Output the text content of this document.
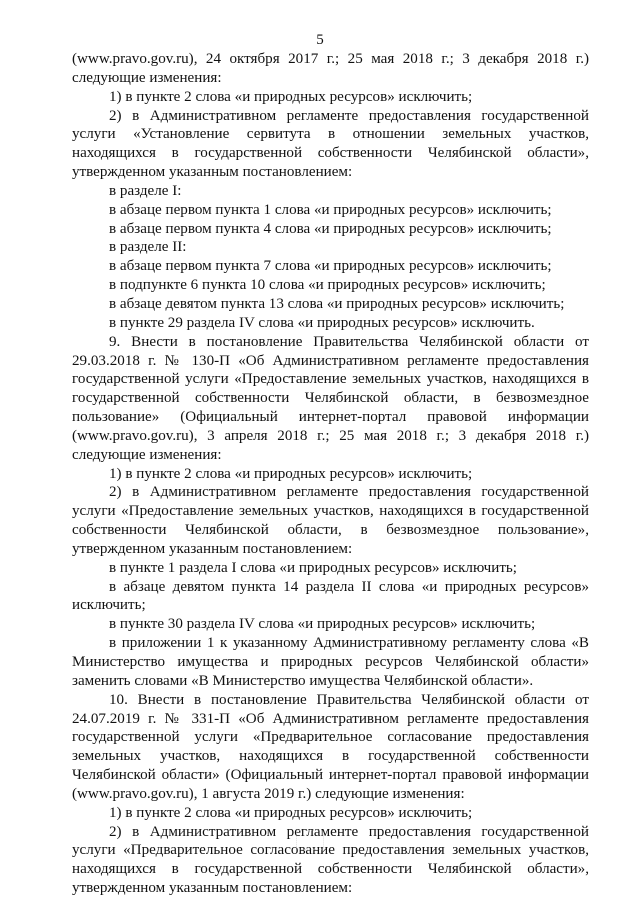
5

(www.pravo.gov.ru), 24 октября 2017 г.; 25 мая 2018 г.; 3 декабря 2018 г.) следующие изменения:

1) в пункте 2 слова «и природных ресурсов» исключить;

2) в Административном регламенте предоставления государственной услуги «Установление сервитута в отношении земельных участков, находящихся в государственной собственности Челябинской области», утвержденном указанным постановлением:

в разделе I:

в абзаце первом пункта 1 слова «и природных ресурсов» исключить;

в абзаце первом пункта 4 слова «и природных ресурсов» исключить;

в разделе II:

в абзаце первом пункта 7 слова «и природных ресурсов» исключить;

в подпункте 6 пункта 10 слова «и природных ресурсов» исключить;

в абзаце девятом пункта 13 слова «и природных ресурсов» исключить;

в пункте 29 раздела IV слова «и природных ресурсов» исключить.

9. Внести в постановление Правительства Челябинской области от 29.03.2018 г. № 130-П «Об Административном регламенте предоставления государственной услуги «Предоставление земельных участков, находящихся в государственной собственности Челябинской области, в безвозмездное пользование» (Официальный интернет-портал правовой информации (www.pravo.gov.ru), 3 апреля 2018 г.; 25 мая 2018 г.; 3 декабря 2018 г.) следующие изменения:

1) в пункте 2 слова «и природных ресурсов» исключить;

2) в Административном регламенте предоставления государственной услуги «Предоставление земельных участков, находящихся в государственной собственности Челябинской области, в безвозмездное пользование», утвержденном указанным постановлением:

в пункте 1 раздела I слова «и природных ресурсов» исключить;

в абзаце девятом пункта 14 раздела II слова «и природных ресурсов» исключить;

в пункте 30 раздела IV слова «и природных ресурсов» исключить;

в приложении 1 к указанному Административному регламенту слова «В Министерство имущества и природных ресурсов Челябинской области» заменить словами «В Министерство имущества Челябинской области».

10. Внести в постановление Правительства Челябинской области от 24.07.2019 г. № 331-П «Об Административном регламенте предоставления государственной услуги «Предварительное согласование предоставления земельных участков, находящихся в государственной собственности Челябинской области» (Официальный интернет-портал правовой информации (www.pravo.gov.ru), 1 августа 2019 г.) следующие изменения:

1) в пункте 2 слова «и природных ресурсов» исключить;

2) в Административном регламенте предоставления государственной услуги «Предварительное согласование предоставления земельных участков, находящихся в государственной собственности Челябинской области», утвержденном указанным постановлением:
